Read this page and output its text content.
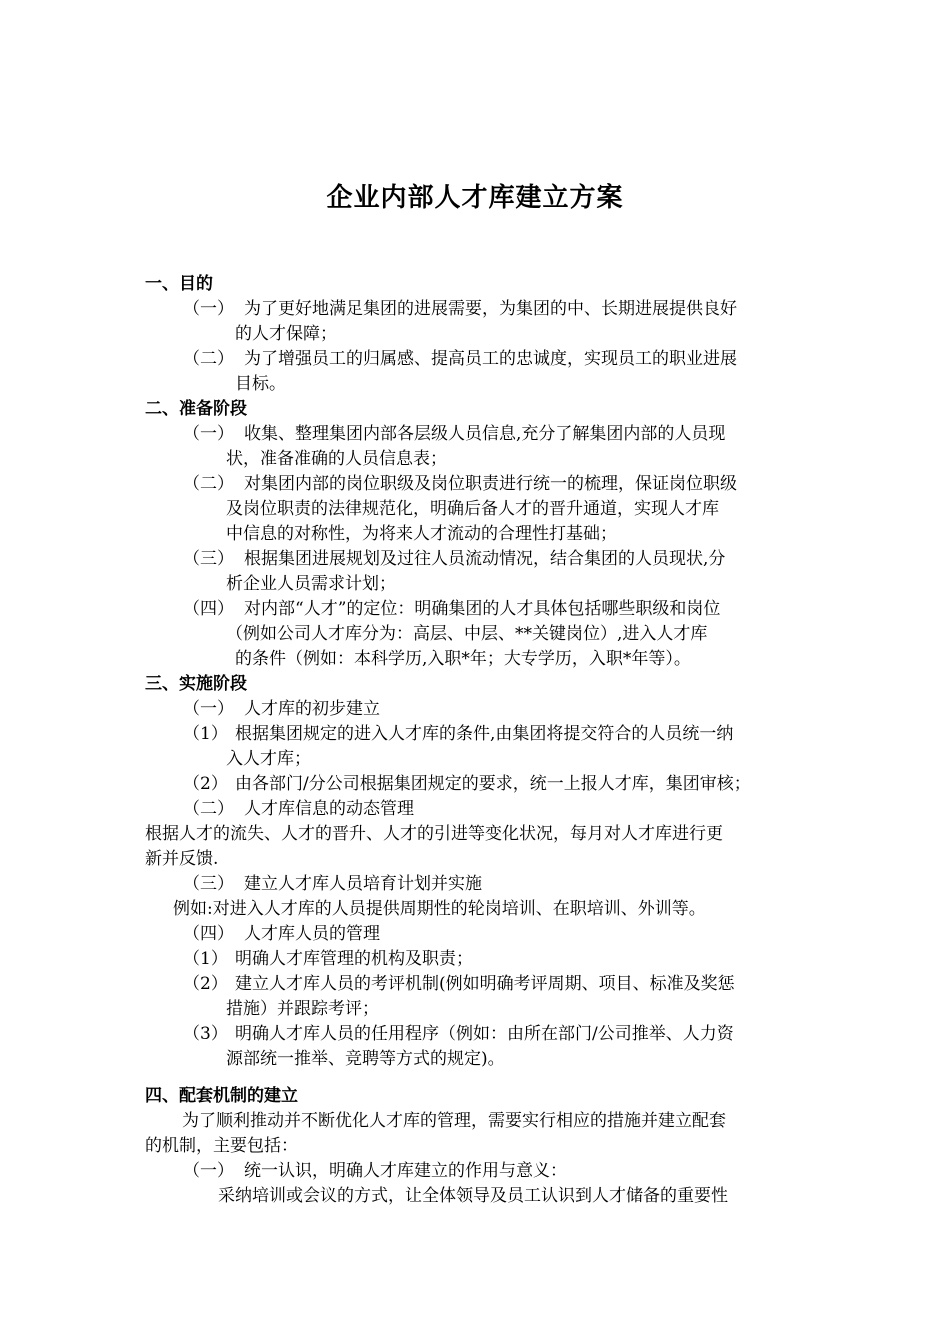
企业内部人才库建立方案
一、目的
（一） 为了更好地满足集团的进展需要，为集团的中、长期进展提供良好
的人才保障；
（二） 为了增强员工的归属感、提高员工的忠诚度，实现员工的职业进展
目标。
二、准备阶段
（一） 收集、整理集团内部各层级人员信息,充分了解集团内部的人员现
状，准备准确的人员信息表；
（二） 对集团内部的岗位职级及岗位职责进行统一的梳理，保证岗位职级
及岗位职责的法律规范化，明确后备人才的晋升通道，实现人才库
中信息的对称性，为将来人才流动的合理性打基础；
（三） 根据集团进展规划及过往人员流动情况，结合集团的人员现状,分
析企业人员需求计划；
（四） 对内部“人才”的定位：明确集团的人才具体包括哪些职级和岗位
（例如公司人才库分为：高层、中层、**关键岗位）,进入人才库
的条件（例如：本科学历,入职*年；大专学历，入职*年等）。
三、实施阶段
（一） 人才库的初步建立
（1） 根据集团规定的进入人才库的条件,由集团将提交符合的人员统一纳
入人才库；
（2） 由各部门/分公司根据集团规定的要求，统一上报人才库，集团审核；
（二） 人才库信息的动态管理
根据人才的流失、人才的晋升、人才的引进等变化状况，每月对人才库进行更
新并反馈.
（三） 建立人才库人员培育计划并实施
例如:对进入人才库的人员提供周期性的轮岗培训、在职培训、外训等。
（四） 人才库人员的管理
（1） 明确人才库管理的机构及职责；
（2） 建立人才库人员的考评机制(例如明确考评周期、项目、标准及奖惩
措施）并跟踪考评；
（3） 明确人才库人员的任用程序（例如：由所在部门/公司推举、人力资
源部统一推举、竞聘等方式的规定)。
四、配套机制的建立
为了顺利推动并不断优化人才库的管理，需要实行相应的措施并建立配套
的机制，主要包括：
（一） 统一认识，明确人才库建立的作用与意义：
采纳培训或会议的方式，让全体领导及员工认识到人才储备的重要性
